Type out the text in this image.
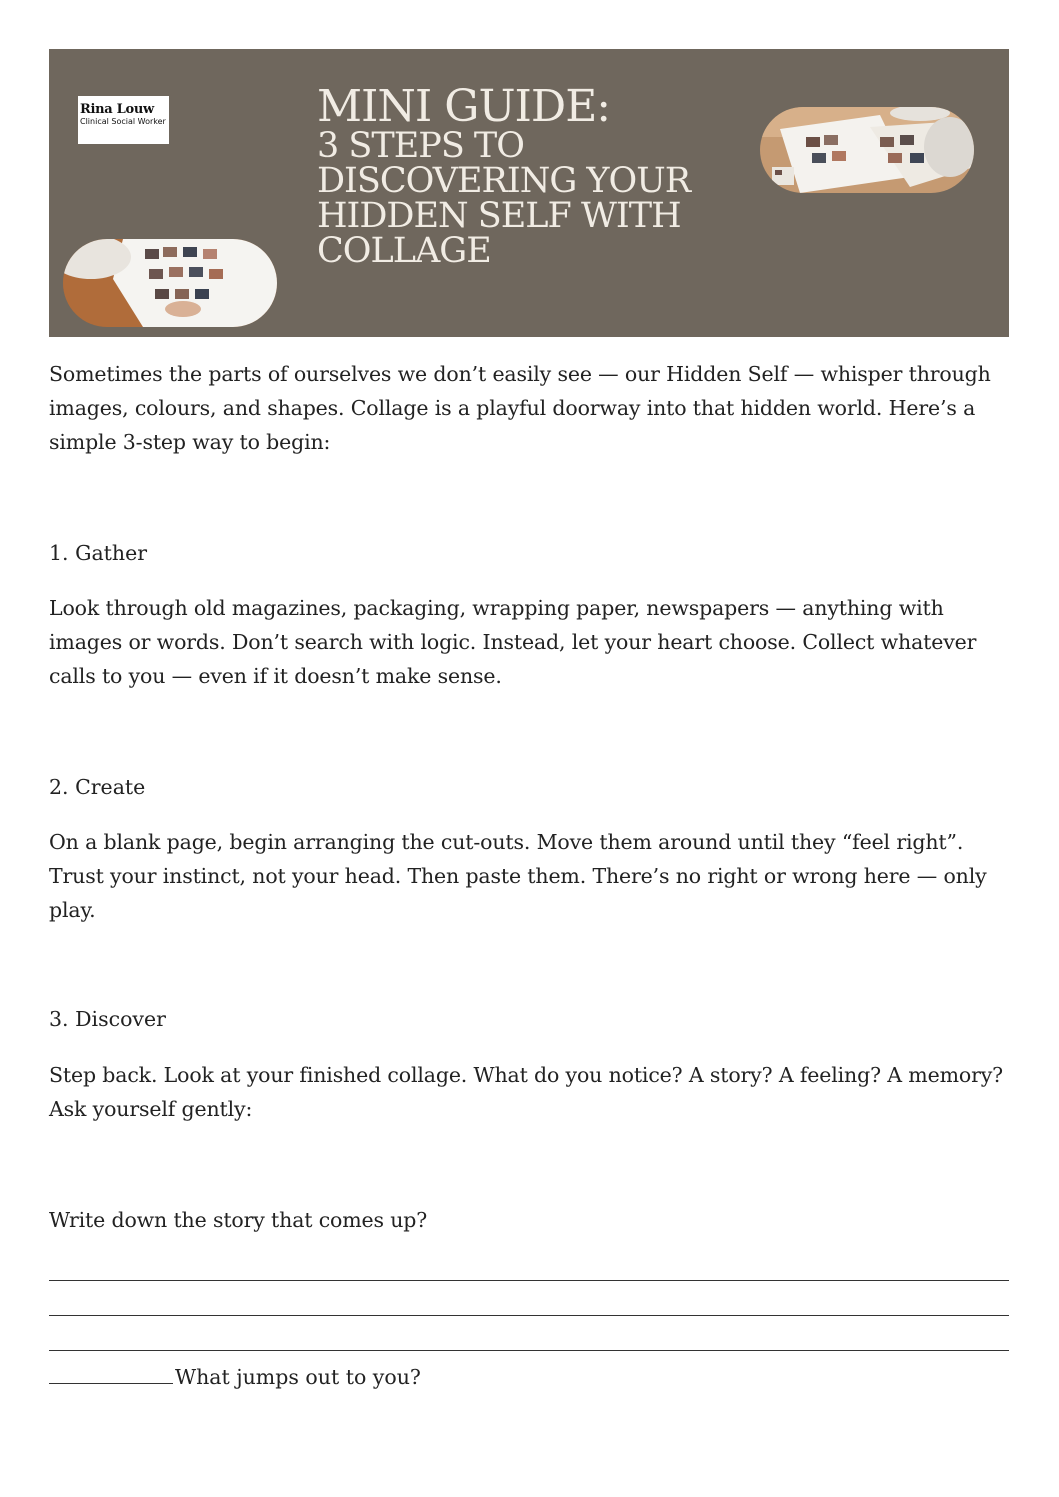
Rina Louw
Clinical Social Worker	MINI GUIDE:
3 STEPS TO DISCOVERING YOUR HIDDEN SELF WITH COLLAGE

Sometimes the parts of ourselves we don’t easily see — our Hidden Self — whisper through images, colours, and shapes. Collage is a playful doorway into that hidden world. Here’s a simple 3-step way to begin:

1. Gather

Look through old magazines, packaging, wrapping paper, newspapers — anything with images or words. Don’t search with logic. Instead, let your heart choose. Collect whatever calls to you — even if it doesn’t make sense.

2. Create

On a blank page, begin arranging the cut-outs. Move them around until they “feel right”. Trust your instinct, not your head. Then paste them. There’s no right or wrong here — only play.

3. Discover

Step back. Look at your finished collage. What do you notice? A story? A feeling? A memory? Ask yourself gently:

Write down the story that comes up?

What jumps out to you?
